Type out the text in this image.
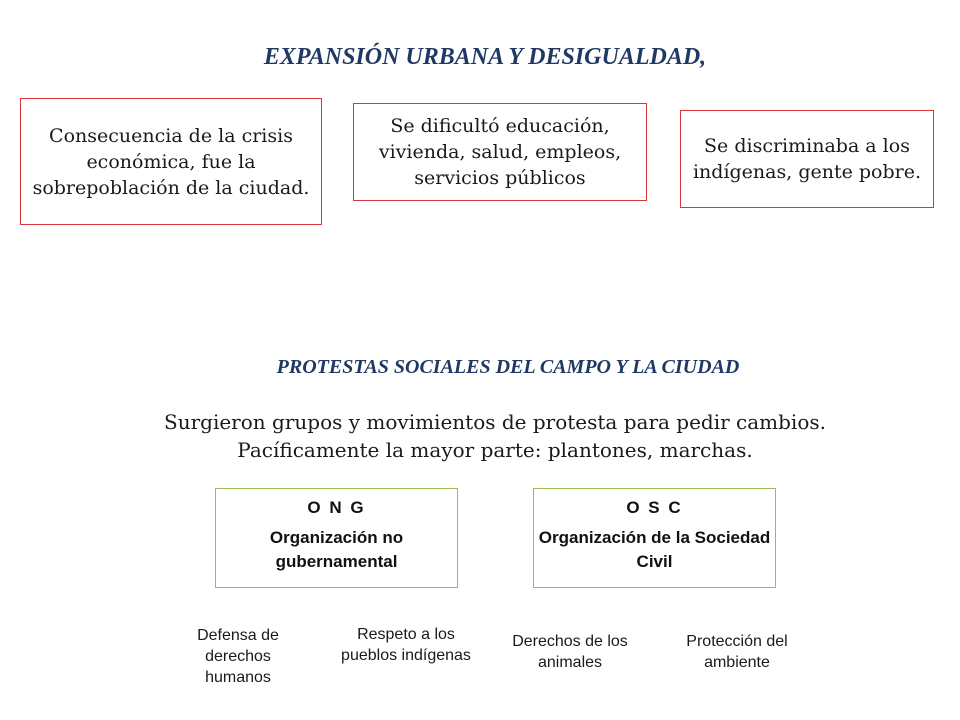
EXPANSIÓN URBANA Y DESIGUALDAD,
Consecuencia de la crisis económica, fue la sobrepoblación de la ciudad.
Se dificultó educación, vivienda, salud, empleos, servicios públicos
Se discriminaba a los indígenas, gente pobre.
PROTESTAS SOCIALES DEL CAMPO Y LA CIUDAD
Surgieron grupos y movimientos de protesta para pedir cambios.
Pacíficamente la mayor parte: plantones, marchas.
O N G
Organización no gubernamental
O S C
Organización de la Sociedad Civil
Defensa de derechos humanos
Respeto a los pueblos indígenas
Derechos de los animales
Protección del ambiente
